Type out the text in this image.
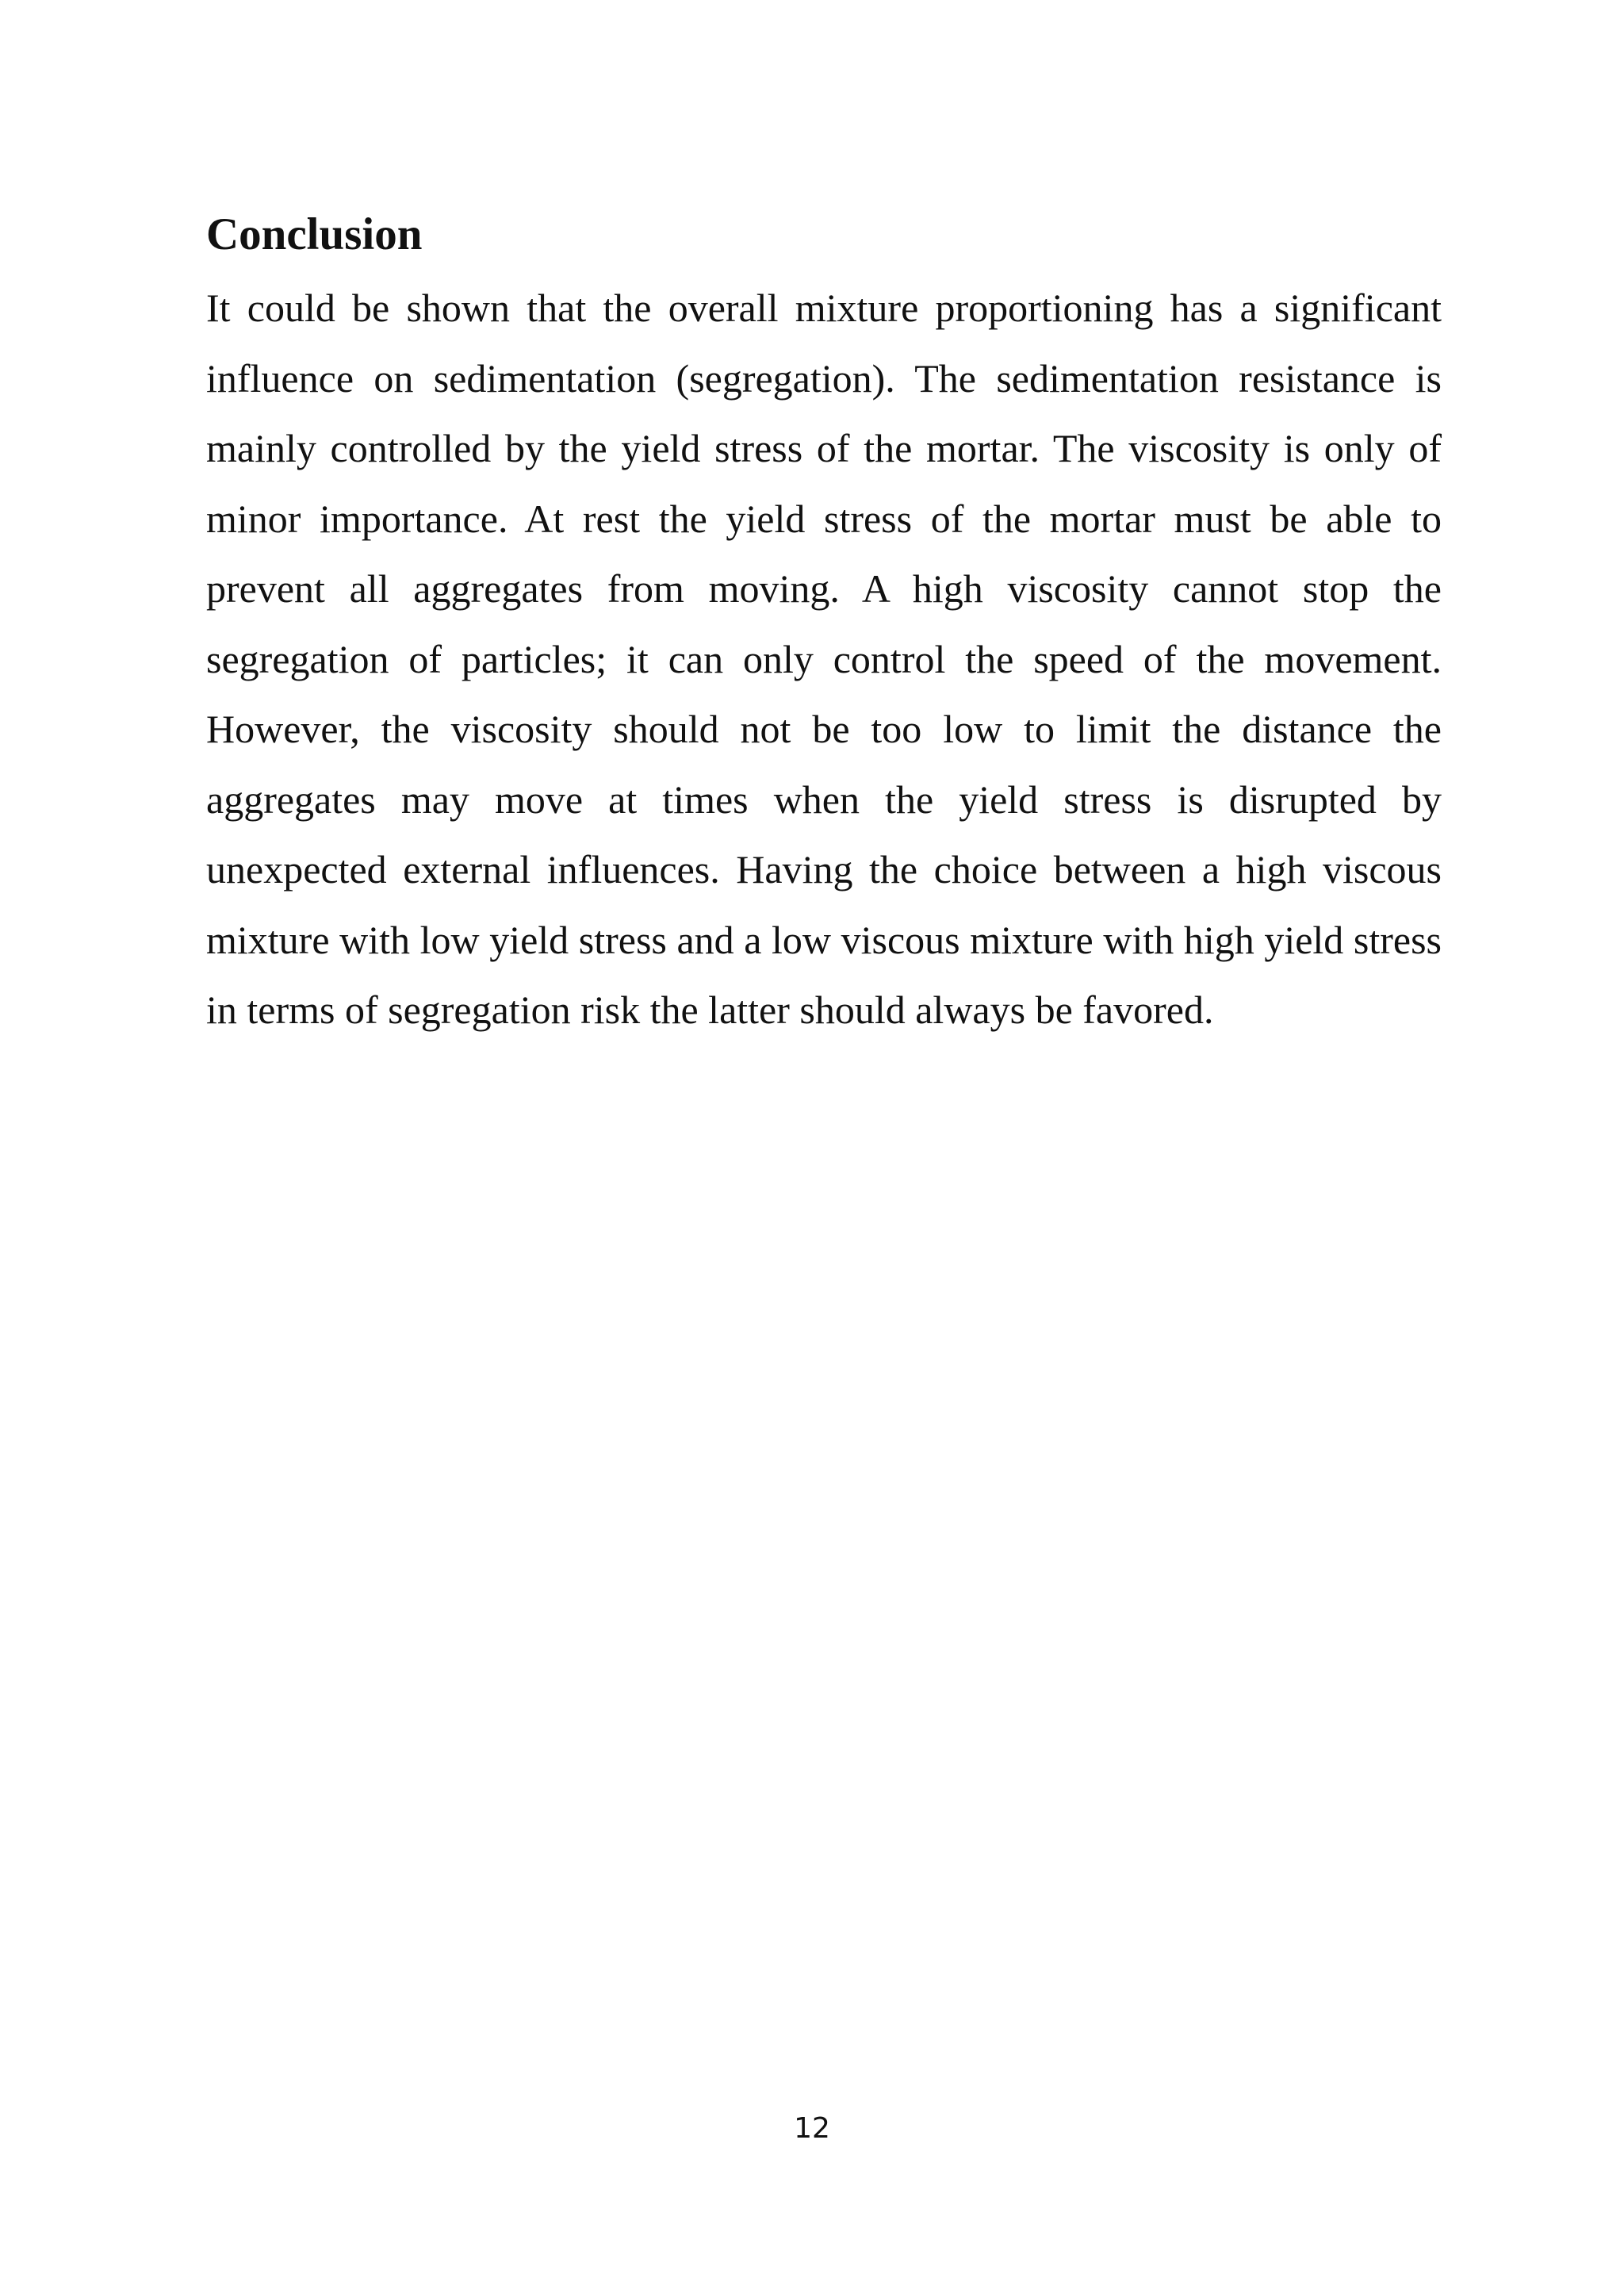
Conclusion

It could be shown that the overall mixture proportioning has a significant influence on sedimentation (segregation). The sedimentation resistance is mainly controlled by the yield stress of the mortar. The viscosity is only of minor importance. At rest the yield stress of the mortar must be able to prevent all aggregates from moving. A high viscosity cannot stop the segregation of particles; it can only control the speed of the movement. However, the viscosity should not be too low to limit the distance the aggregates may move at times when the yield stress is disrupted by unexpected external influences. Having the choice between a high viscous mixture with low yield stress and a low viscous mixture with high yield stress in terms of segregation risk the latter should always be favored.

12
